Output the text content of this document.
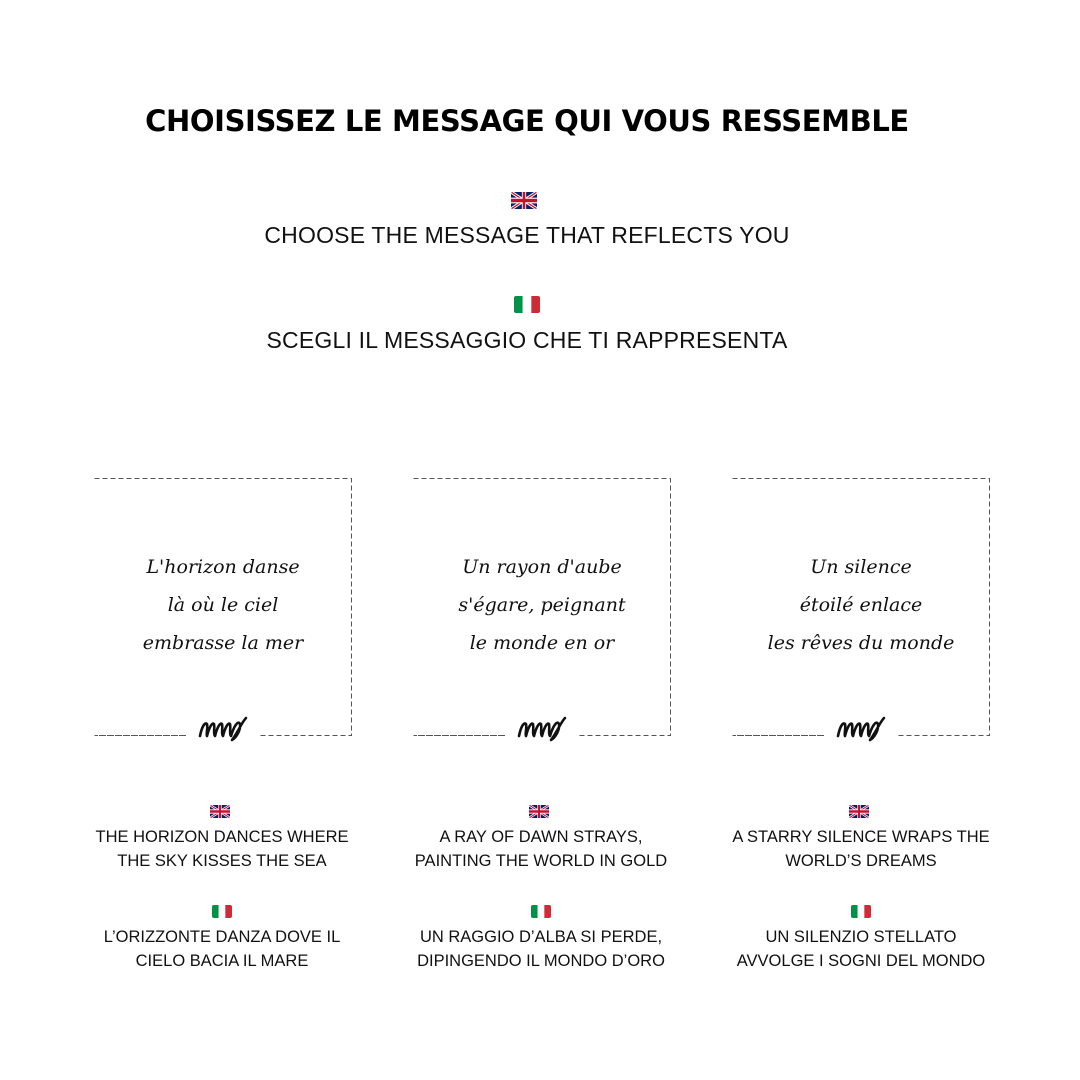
CHOISISSEZ LE MESSAGE QUI VOUS RESSEMBLE
CHOOSE THE MESSAGE THAT REFLECTS YOU
SCEGLI IL MESSAGGIO CHE TI RAPPRESENTA
L'horizon danse
là où le ciel
embrasse la mer
Un rayon d'aube
s'égare, peignant
le monde en or
Un silence
étoilé enlace
les rêves du monde
THE HORIZON DANCES WHERE
THE SKY KISSES THE SEA
L’ORIZZONTE DANZA DOVE IL
CIELO BACIA IL MARE
A RAY OF DAWN STRAYS,
PAINTING THE WORLD IN GOLD
UN RAGGIO D’ALBA SI PERDE,
DIPINGENDO IL MONDO D’ORO
A STARRY SILENCE WRAPS THE
WORLD’S DREAMS
UN SILENZIO STELLATO
AVVOLGE I SOGNI DEL MONDO
